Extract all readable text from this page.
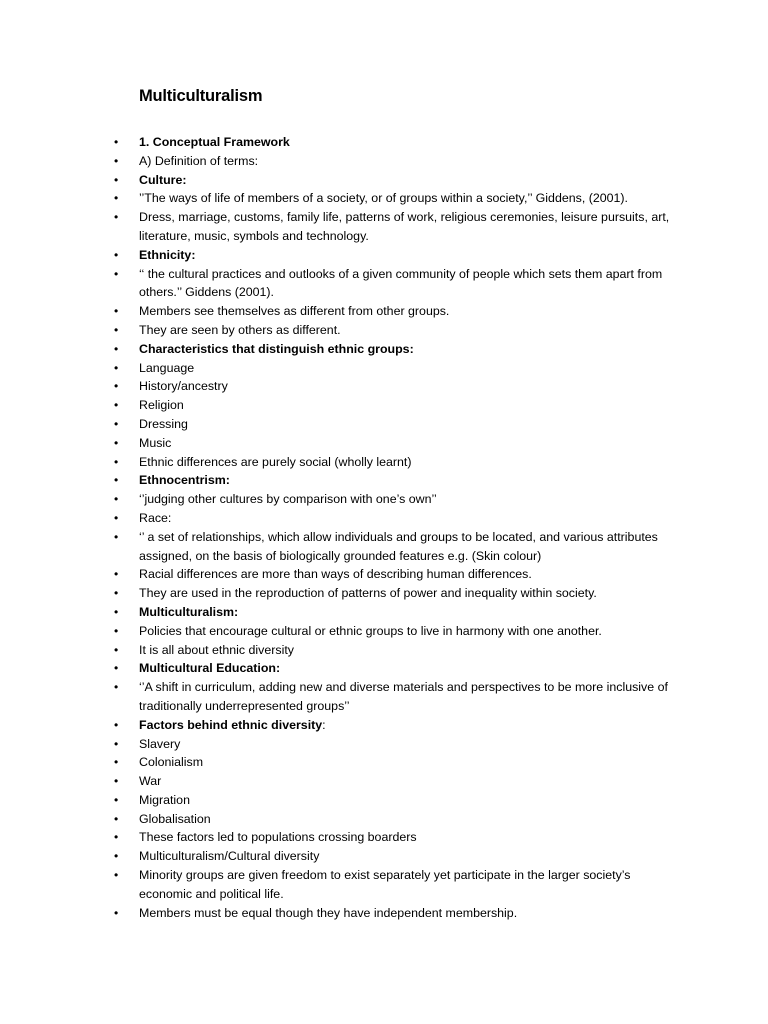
Multiculturalism
• 1. Conceptual Framework
• A) Definition of terms:
• Culture:
• ’’The ways of life of members of a society, or of groups within a society,’’ Giddens, (2001).
• Dress, marriage, customs, family life, patterns of work, religious ceremonies, leisure pursuits, art, literature, music, symbols and technology.
• Ethnicity:
• ‘‘ the cultural practices and outlooks of a given community of people which sets them apart from others.’’ Giddens (2001).
• Members see themselves as different from other groups.
• They are seen by others as different.
• Characteristics that distinguish ethnic groups:
• Language
• History/ancestry
• Religion
• Dressing
• Music
• Ethnic differences are purely social (wholly learnt)
• Ethnocentrism:
• ‘’judging other cultures by comparison with one’s own’’
• Race:
• ‘’ a set of relationships, which allow individuals and groups to be located, and various attributes assigned, on the basis of biologically grounded features e.g. (Skin colour)
• Racial differences are more than ways of describing human differences.
• They are used in the reproduction of patterns of power and inequality within society.
• Multiculturalism:
• Policies that encourage cultural or ethnic groups to live in harmony with one another.
• It is all about ethnic diversity
• Multicultural Education:
• ‘’A shift in curriculum, adding new and diverse materials and perspectives to be more inclusive of traditionally underrepresented groups’’
• Factors behind ethnic diversity:
• Slavery
• Colonialism
• War
• Migration
• Globalisation
• These factors led to populations crossing boarders
• Multiculturalism/Cultural diversity
• Minority groups are given freedom to exist separately yet participate in the larger society’s economic and political life.
• Members must be equal though they have independent membership.
